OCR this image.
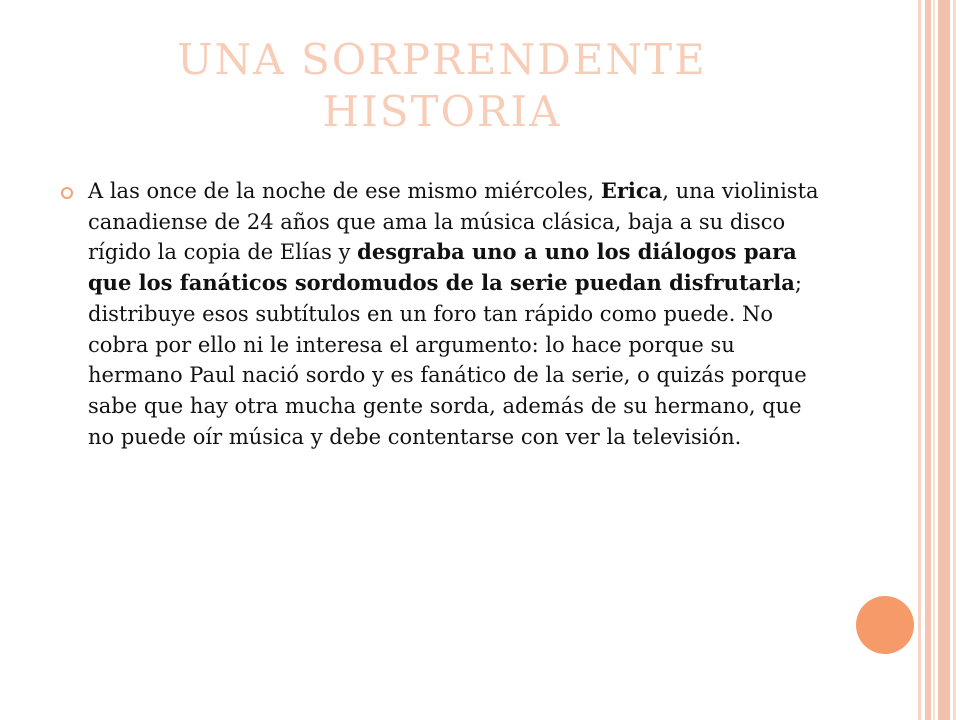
UNA SORPRENDENTE
HISTORIA

A las once de la noche de ese mismo miércoles, Erica, una violinista canadiense de 24 años que ama la música clásica, baja a su disco rígido la copia de Elías y desgraba uno a uno los diálogos para que los fanáticos sordomudos de la serie puedan disfrutarla; distribuye esos subtítulos en un foro tan rápido como puede. No cobra por ello ni le interesa el argumento: lo hace porque su hermano Paul nació sordo y es fanático de la serie, o quizás porque sabe que hay otra mucha gente sorda, además de su hermano, que no puede oír música y debe contentarse con ver la televisión.
